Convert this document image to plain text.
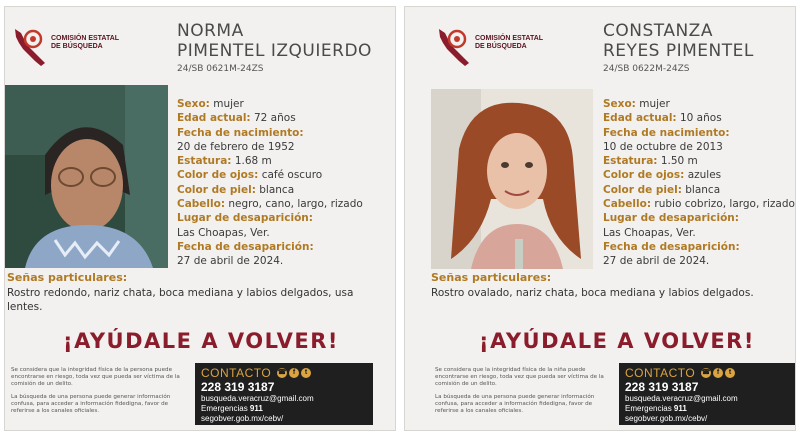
COMISIÓN ESTATAL
DE BÚSQUEDA
NORMA
PIMENTEL IZQUIERDO
24/SB 0621M-24ZS
Sexo: mujer
Edad actual: 72 años
Fecha de nacimiento:
20 de febrero de 1952
Estatura: 1.68 m
Color de ojos: café oscuro
Color de piel: blanca
Cabello: negro, cano, largo, rizado
Lugar de desaparición:
Las Choapas, Ver.
Fecha de desaparición:
27 de abril de 2024.
Señas particulares:
Rostro redondo, nariz chata, boca mediana y labios delgados, usa lentes.
¡AYÚDALE A VOLVER!

Se considera que la integridad física de la persona puede encontrarse en riesgo, toda vez que pueda ser víctima de la comisión de un delito.

La búsqueda de una persona puede generar información confusa, para acceder a información fidedigna, favor de referirse a los canales oficiales.

CONTACTO ☎ f	t
228 319 3187
busqueda.veracruz@gmail.com
Emergencias 911
segobver.gob.mx/cebv/
COMISIÓN ESTATAL
DE BÚSQUEDA
CONSTANZA
REYES PIMENTEL
24/SB 0622M-24ZS
Sexo: mujer
Edad actual: 10 años
Fecha de nacimiento:
10 de octubre de 2013
Estatura: 1.50 m
Color de ojos: azules
Color de piel: blanca
Cabello: rubio cobrizo, largo, rizado
Lugar de desaparición:
Las Choapas, Ver.
Fecha de desaparición:
27 de abril de 2024.
Señas particulares:
Rostro ovalado, nariz chata, boca mediana y labios delgados.
¡AYÚDALE A VOLVER!

Se considera que la integridad física de la niña puede encontrarse en riesgo, toda vez que pueda ser víctima de la comisión de un delito.

La búsqueda de una persona puede generar información confusa, para acceder a información fidedigna, favor de referirse a los canales oficiales.

CONTACTO ☎ f	t
228 319 3187
busqueda.veracruz@gmail.com
Emergencias 911
segobver.gob.mx/cebv/
